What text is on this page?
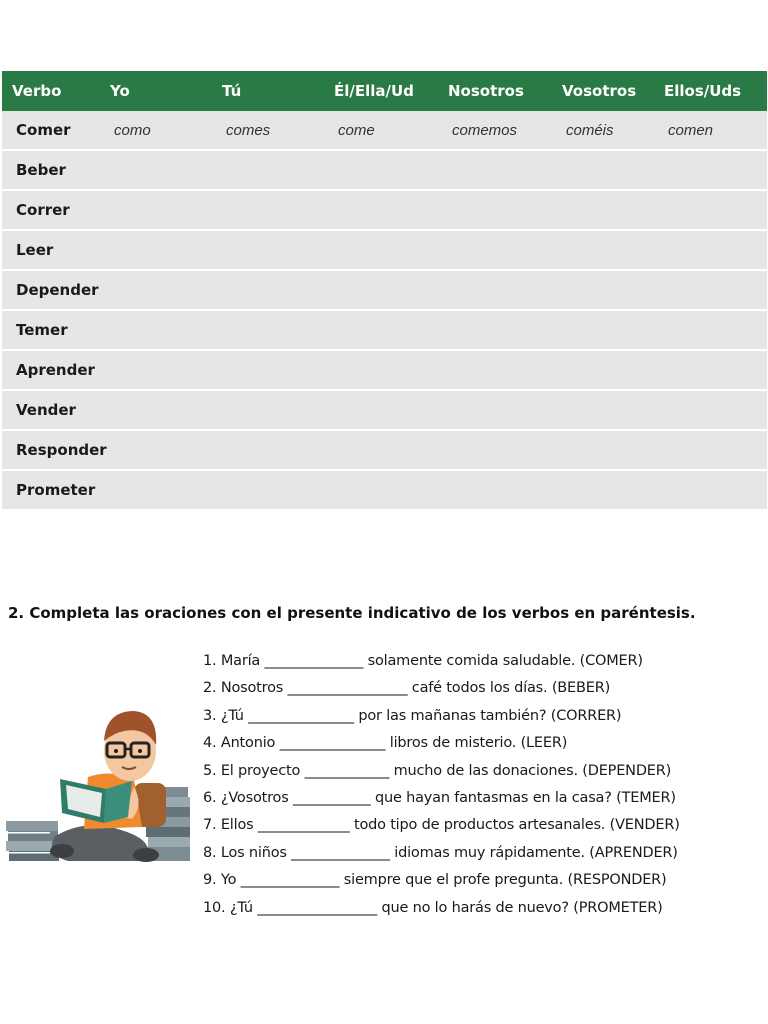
Verbo	Yo	Tú	Él/Ella/Ud	Nosotros	Vosotros	Ellos/Uds
Comer	como	comes	come	comemos	coméis	comen
Beber						
Correr						
Leer						
Depender						
Temer						
Aprender						
Vender						
Responder						
Prometer						
2. Completa las oraciones con el presente indicativo de los verbos en paréntesis.
1. María ______________ solamente comida saludable. (COMER)
2. Nosotros _________________ café todos los días. (BEBER)
3. ¿Tú _______________ por las mañanas también? (CORRER)
4. Antonio _______________ libros de misterio. (LEER)
5. El proyecto ____________ mucho de las donaciones. (DEPENDER)
6. ¿Vosotros ___________ que hayan fantasmas en la casa? (TEMER)
7. Ellos _____________ todo tipo de productos artesanales. (VENDER)
8. Los niños ______________ idiomas muy rápidamente. (APRENDER)
9. Yo ______________ siempre que el profe pregunta. (RESPONDER)
10. ¿Tú _________________ que no lo harás de nuevo? (PROMETER)
